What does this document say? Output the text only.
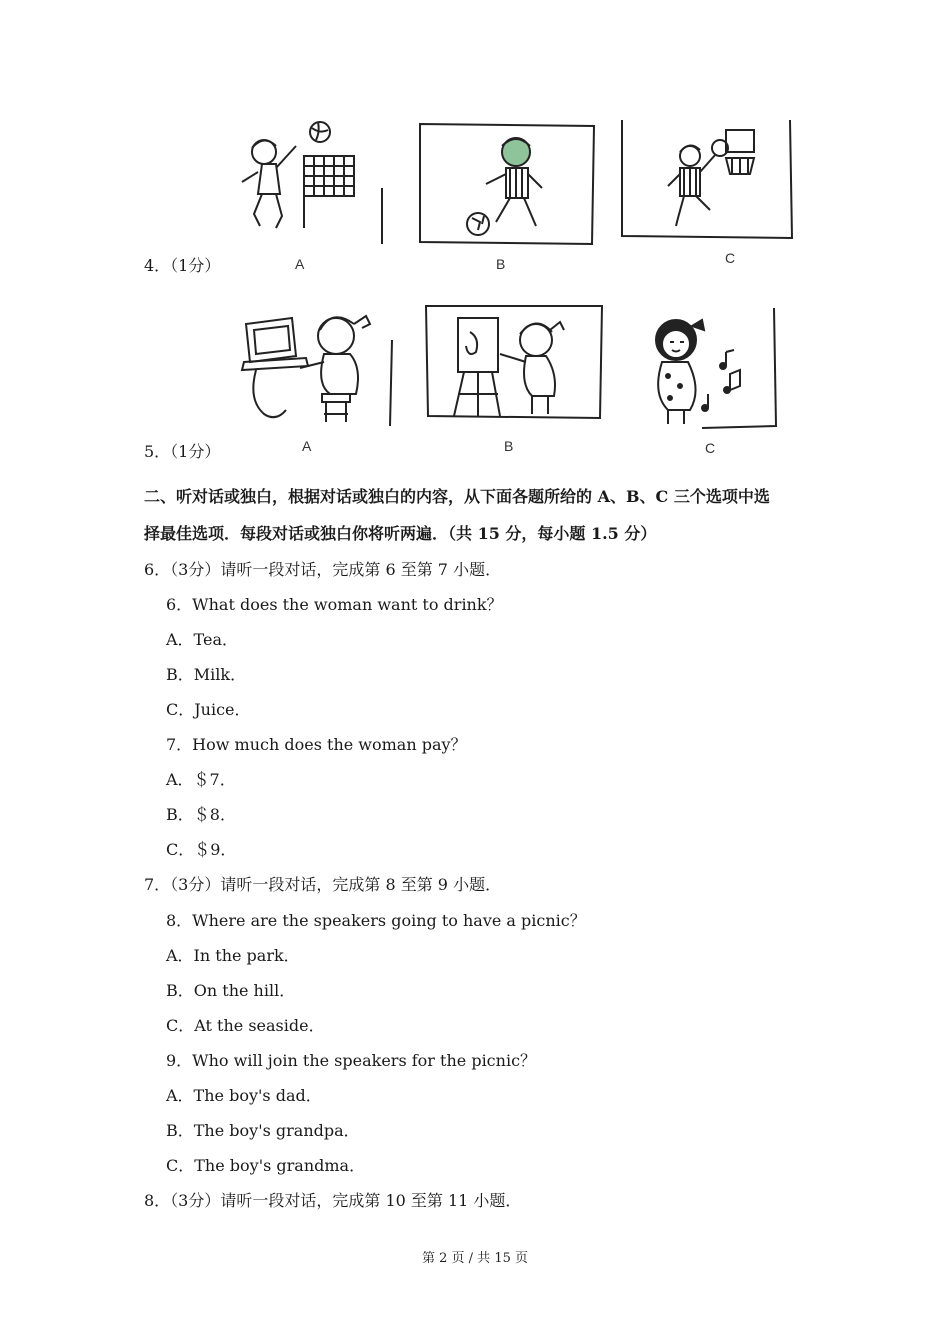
A	B	C
4．（1分）
A	B	C
5．（1分）
二、听对话或独白，根据对话或独白的内容，从下面各题所给的 A、B、C 三个选项中选
择最佳选项．每段对话或独白你将听两遍．（共 15 分，每小题 1.5 分）
6．（3分）请听一段对话，完成第 6 至第 7 小题．
6．What does the woman want to drink？
A．Tea．
B．Milk．
C．Juice．
7．How much does the woman pay？
A．＄7．
B．＄8．
C．＄9．
7．（3分）请听一段对话，完成第 8 至第 9 小题．
8．Where are the speakers going to have a picnic？
A．In the park．
B．On the hill．
C．At the seaside．
9．Who will join the speakers for the picnic？
A．The boy's dad．
B．The boy's grandpa．
C．The boy's grandma．
8．（3分）请听一段对话，完成第 10 至第 11 小题．
第 2 页 / 共 15 页
